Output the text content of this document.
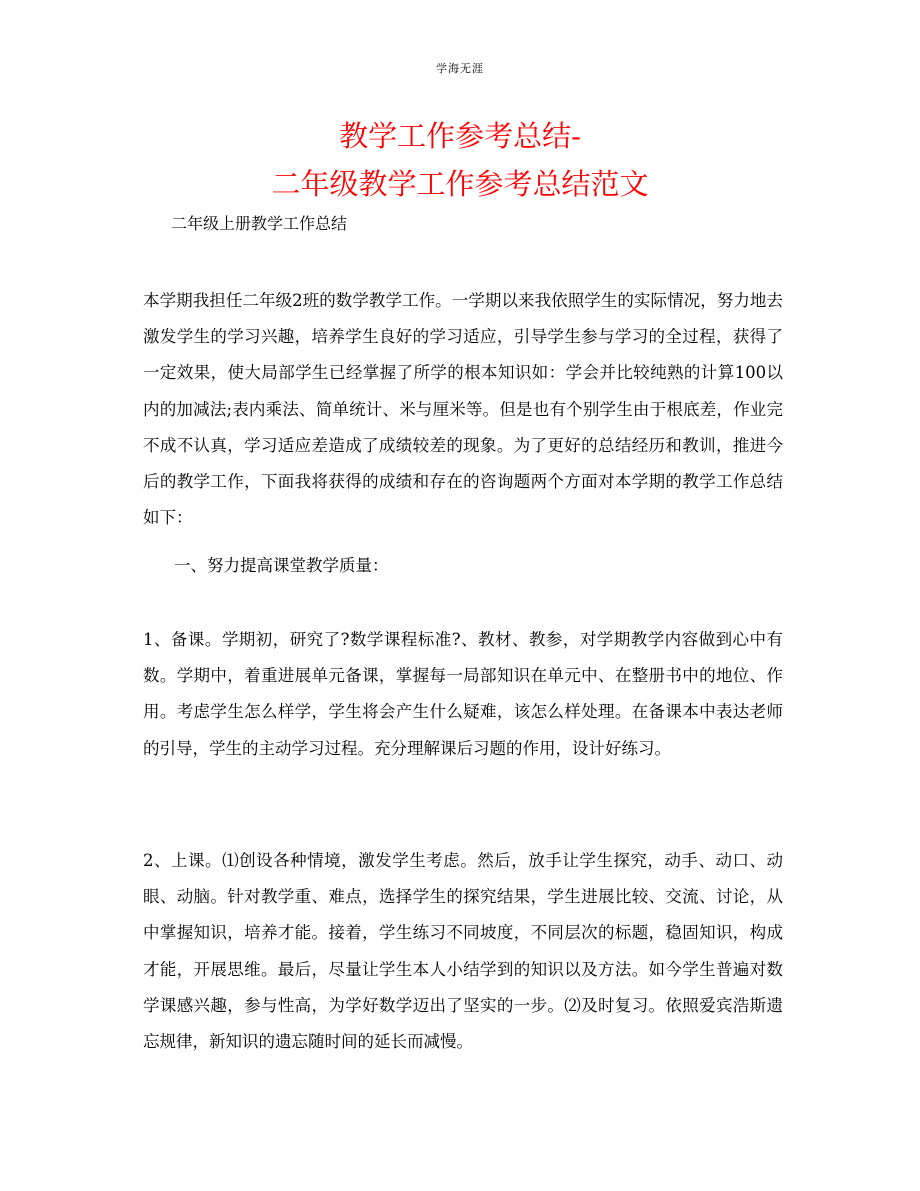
学海无涯
教学工作参考总结-
二年级教学工作参考总结范文
二年级上册教学工作总结

本学期我担任二年级2班的数学教学工作。一学期以来我依照学生的实际情况，努力地去激发学生的学习兴趣，培养学生良好的学习适应，引导学生参与学习的全过程，获得了一定效果，使大局部学生已经掌握了所学的根本知识如：学会并比较纯熟的计算100以内的加减法;表内乘法、简单统计、米与厘米等。但是也有个别学生由于根底差，作业完不成不认真，学习适应差造成了成绩较差的现象。为了更好的总结经历和教训，推进今后的教学工作，下面我将获得的成绩和存在的咨询题两个方面对本学期的教学工作总结如下：

一、努力提高课堂教学质量：

1、备课。学期初，研究了?数学课程标准?、教材、教参，对学期教学内容做到心中有数。学期中，着重进展单元备课，掌握每一局部知识在单元中、在整册书中的地位、作用。考虑学生怎么样学，学生将会产生什么疑难，该怎么样处理。在备课本中表达老师的引导，学生的主动学习过程。充分理解课后习题的作用，设计好练习。

2、上课。⑴创设各种情境，激发学生考虑。然后，放手让学生探究，动手、动口、动眼、动脑。针对教学重、难点，选择学生的探究结果，学生进展比较、交流、讨论，从中掌握知识，培养才能。接着，学生练习不同坡度，不同层次的标题，稳固知识，构成才能，开展思维。最后，尽量让学生本人小结学到的知识以及方法。如今学生普遍对数学课感兴趣，参与性高，为学好数学迈出了坚实的一步。⑵及时复习。依照爱宾浩斯遗忘规律，新知识的遗忘随时间的延长而减慢。
